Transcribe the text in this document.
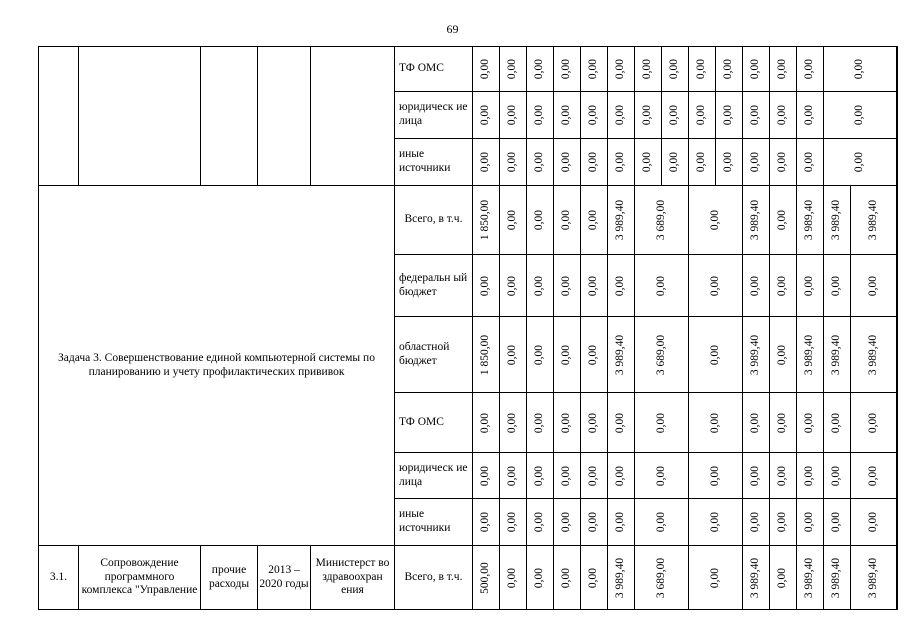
69
					ТФ ОМС	0,00	0,00	0,00	0,00	0,00	0,00	0,00	0,00	0,00	0,00	0,00	0,00	0,00	0,00

					юридическ ие лица	0,00	0,00	0,00	0,00	0,00	0,00	0,00	0,00	0,00	0,00	0,00	0,00	0,00	0,00

					иные источники	0,00	0,00	0,00	0,00	0,00	0,00	0,00	0,00	0,00	0,00	0,00	0,00	0,00	0,00

Задача 3. Совершенствование единой компьютерной системы по планированию и учету профилактических прививок					Всего, в т.ч.	1 850,00	0,00	0,00	0,00	0,00	3 989,40	3 689,00		0,00		3 989,40	0,00	3 989,40	3 989,40	3 989,40

					федеральн ый бюджет	0,00	0,00	0,00	0,00	0,00	0,00	0,00		0,00		0,00	0,00	0,00	0,00	0,00

					областной бюджет	1 850,00	0,00	0,00	0,00	0,00	3 989,40	3 689,00		0,00		3 989,40	0,00	3 989,40	3 989,40	3 989,40

					ТФ ОМС	0,00	0,00	0,00	0,00	0,00	0,00	0,00		0,00		0,00	0,00	0,00	0,00	0,00

					юридическ ие лица	0,00	0,00	0,00	0,00	0,00	0,00	0,00		0,00		0,00	0,00	0,00	0,00	0,00

					иные источники	0,00	0,00	0,00	0,00	0,00	0,00	0,00		0,00		0,00	0,00	0,00	0,00	0,00

3.1.	Сопровождение программного комплекса "Управление	прочие расходы	2013 – 2020 годы	Министерст во здравоохран ения	Всего, в т.ч.	500,00	0,00	0,00	0,00	0,00	3 989,40	3 689,00		0,00		3 989,40	0,00	3 989,40	3 989,40	3 989,40
